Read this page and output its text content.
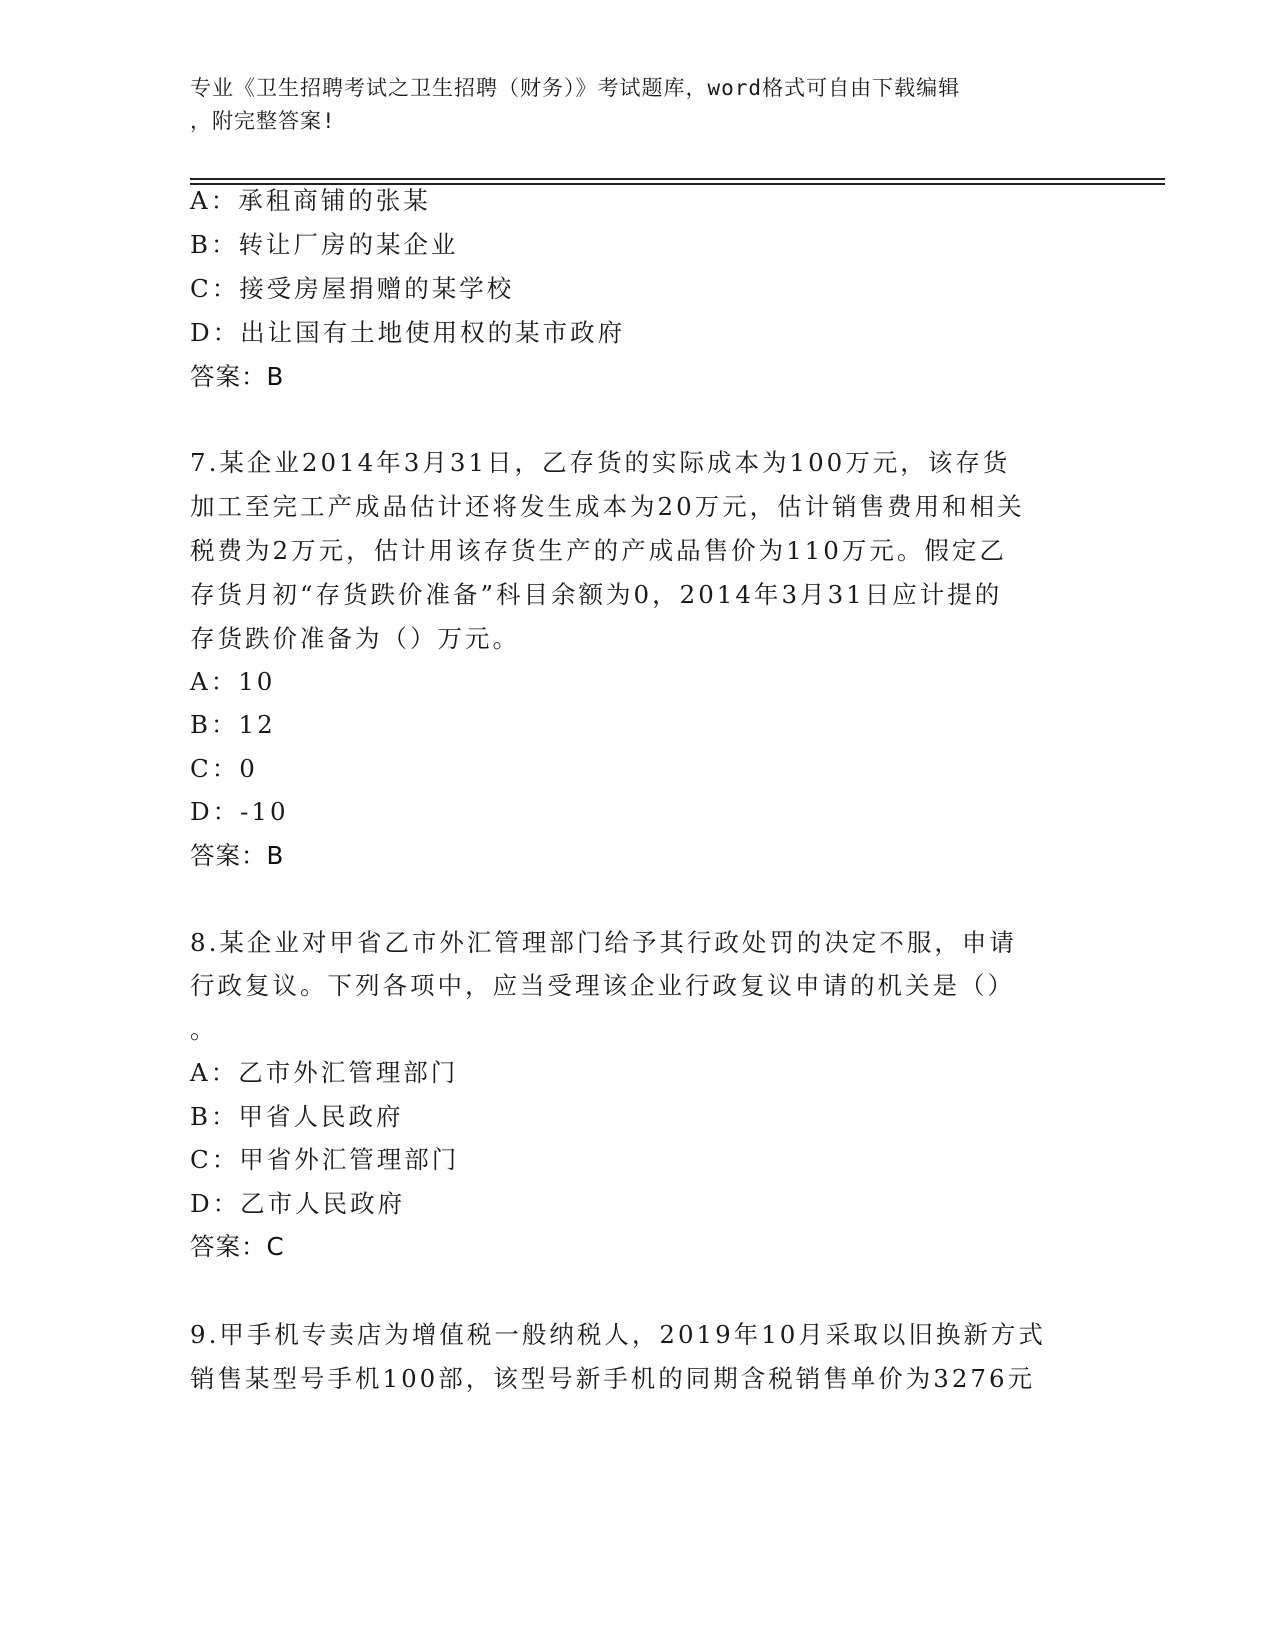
专业《卫生招聘考试之卫生招聘（财务）》考试题库，word格式可自由下载编辑
，附完整答案!
A：承租商铺的张某
B：转让厂房的某企业
C：接受房屋捐赠的某学校
D：出让国有土地使用权的某市政府
答案：B
7.某企业2014年3月31日，乙存货的实际成本为100万元，该存货
加工至完工产成品估计还将发生成本为20万元，估计销售费用和相关
税费为2万元，估计用该存货生产的产成品售价为110万元。假定乙
存货月初“存货跌价准备”科目余额为0，2014年3月31日应计提的
存货跌价准备为（）万元。
A：10
B：12
C：0
D：-10
答案：B
8.某企业对甲省乙市外汇管理部门给予其行政处罚的决定不服，申请
行政复议。下列各项中，应当受理该企业行政复议申请的机关是（）
。
A：乙市外汇管理部门
B：甲省人民政府
C：甲省外汇管理部门
D：乙市人民政府
答案：C
9.甲手机专卖店为增值税一般纳税人，2019年10月采取以旧换新方式
销售某型号手机100部，该型号新手机的同期含税销售单价为3276元
